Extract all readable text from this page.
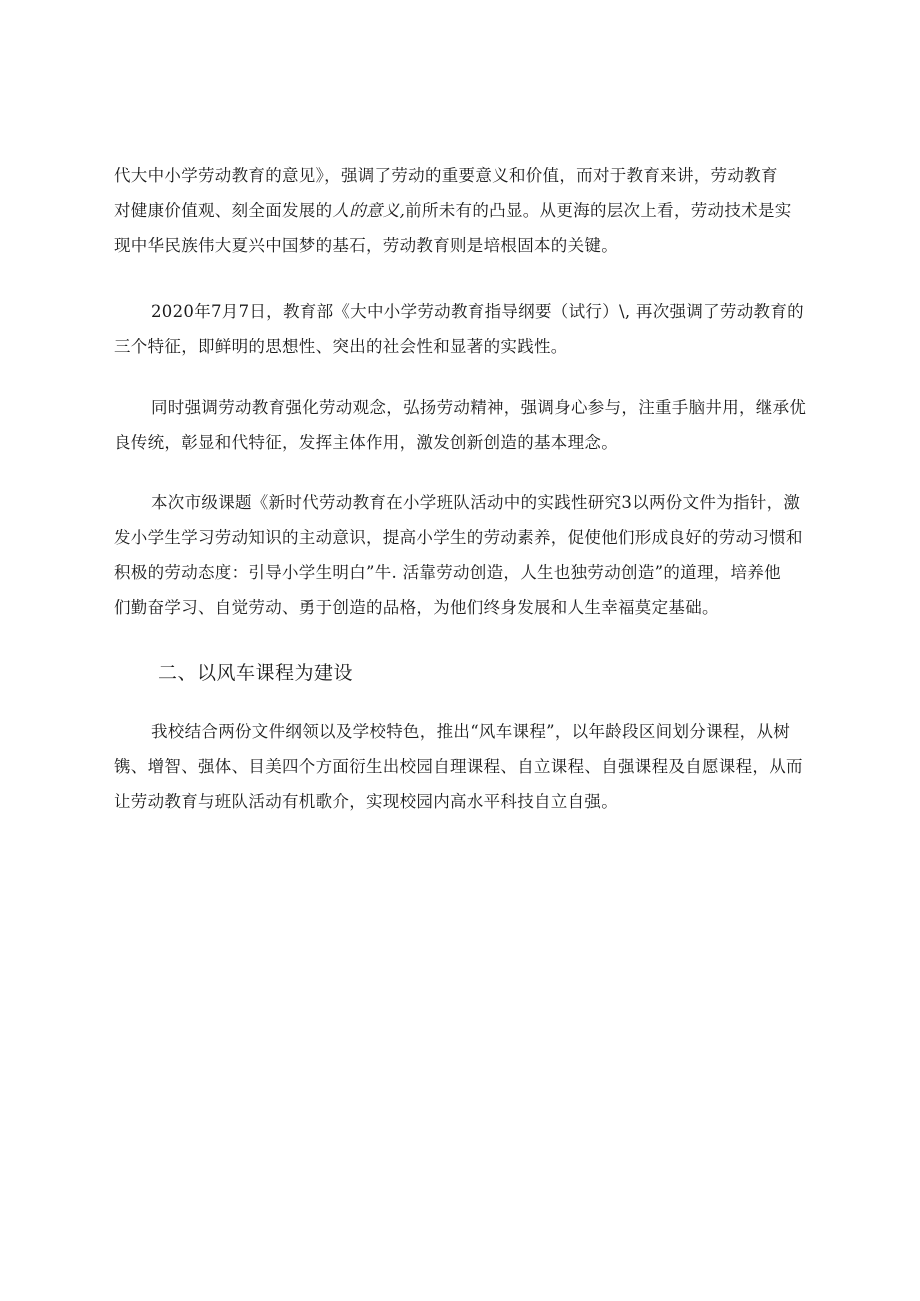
代大中小学劳动教育的意见》，强调了劳动的重要意义和价值，而对于教育来讲，劳动教育
对健康价值观、刻全面发展的人的意义,前所未有的凸显。从更海的层次上看，劳动技术是实
现中华民族伟大夏兴中国梦的基石，劳动教育则是培根固本的关键。
2020年7月7日，教育部《大中小学劳动教育指导纲要（试行）\, 再次强调了劳动教育的
三个特征，即鲜明的思想性、突出的社会性和显著的实践性。
同时强调劳动教育强化劳动观念，弘扬劳动精神，强调身心参与，注重手脑井用，继承优
良传统，彰显和代特征，发挥主体作用，激发创新创造的基本理念。
本次市级课题《新时代劳动教育在小学班队活动中的实践性研究3以两份文件为指针，激
发小学生学习劳动知识的主动意识，提高小学生的劳动素养，促使他们形成良好的劳动习惯和
积极的劳动态度：引导小学生明白”牛. 活靠劳动创造，人生也独劳动创造”的道理，培养他
们勤奋学习、自觉劳动、勇于创造的品格，为他们终身发展和人生幸福莫定基础。
二、以风车课程为建设
我校结合两份文件纲领以及学校特色，推出“风车课程”，以年龄段区间划分课程，从树
镌、增智、强体、目美四个方面衍生出校园自理课程、自立课程、自强课程及自愿课程，从而
让劳动教育与班队活动有机歌介，实现校园内高水平科技自立自强。
